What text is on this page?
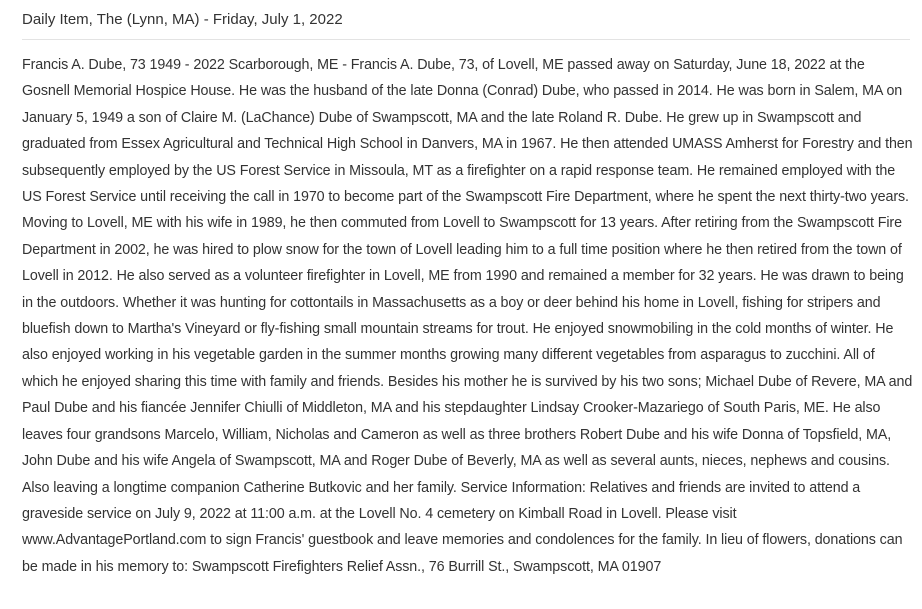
Daily Item, The (Lynn, MA) - Friday, July 1, 2022

Francis A. Dube, 73 1949 - 2022 Scarborough, ME - Francis A. Dube, 73, of Lovell, ME passed away on Saturday, June 18, 2022 at the Gosnell Memorial Hospice House. He was the husband of the late Donna (Conrad) Dube, who passed in 2014. He was born in Salem, MA on January 5, 1949 a son of Claire M. (LaChance) Dube of Swampscott, MA and the late Roland R. Dube. He grew up in Swampscott and graduated from Essex Agricultural and Technical High School in Danvers, MA in 1967. He then attended UMASS Amherst for Forestry and then subsequently employed by the US Forest Service in Missoula, MT as a firefighter on a rapid response team. He remained employed with the US Forest Service until receiving the call in 1970 to become part of the Swampscott Fire Department, where he spent the next thirty-two years. Moving to Lovell, ME with his wife in 1989, he then commuted from Lovell to Swampscott for 13 years. After retiring from the Swampscott Fire Department in 2002, he was hired to plow snow for the town of Lovell leading him to a full time position where he then retired from the town of Lovell in 2012. He also served as a volunteer firefighter in Lovell, ME from 1990 and remained a member for 32 years. He was drawn to being in the outdoors. Whether it was hunting for cottontails in Massachusetts as a boy or deer behind his home in Lovell, fishing for stripers and bluefish down to Martha's Vineyard or fly-fishing small mountain streams for trout. He enjoyed snowmobiling in the cold months of winter. He also enjoyed working in his vegetable garden in the summer months growing many different vegetables from asparagus to zucchini. All of which he enjoyed sharing this time with family and friends. Besides his mother he is survived by his two sons; Michael Dube of Revere, MA and Paul Dube and his fiancée Jennifer Chiulli of Middleton, MA and his stepdaughter Lindsay Crooker-Mazariego of South Paris, ME. He also leaves four grandsons Marcelo, William, Nicholas and Cameron as well as three brothers Robert Dube and his wife Donna of Topsfield, MA, John Dube and his wife Angela of Swampscott, MA and Roger Dube of Beverly, MA as well as several aunts, nieces, nephews and cousins. Also leaving a longtime companion Catherine Butkovic and her family. Service Information: Relatives and friends are invited to attend a graveside service on July 9, 2022 at 11:00 a.m. at the Lovell No. 4 cemetery on Kimball Road in Lovell. Please visit www.AdvantagePortland.com to sign Francis' guestbook and leave memories and condolences for the family. In lieu of flowers, donations can be made in his memory to: Swampscott Firefighters Relief Assn., 76 Burrill St., Swampscott, MA 01907
